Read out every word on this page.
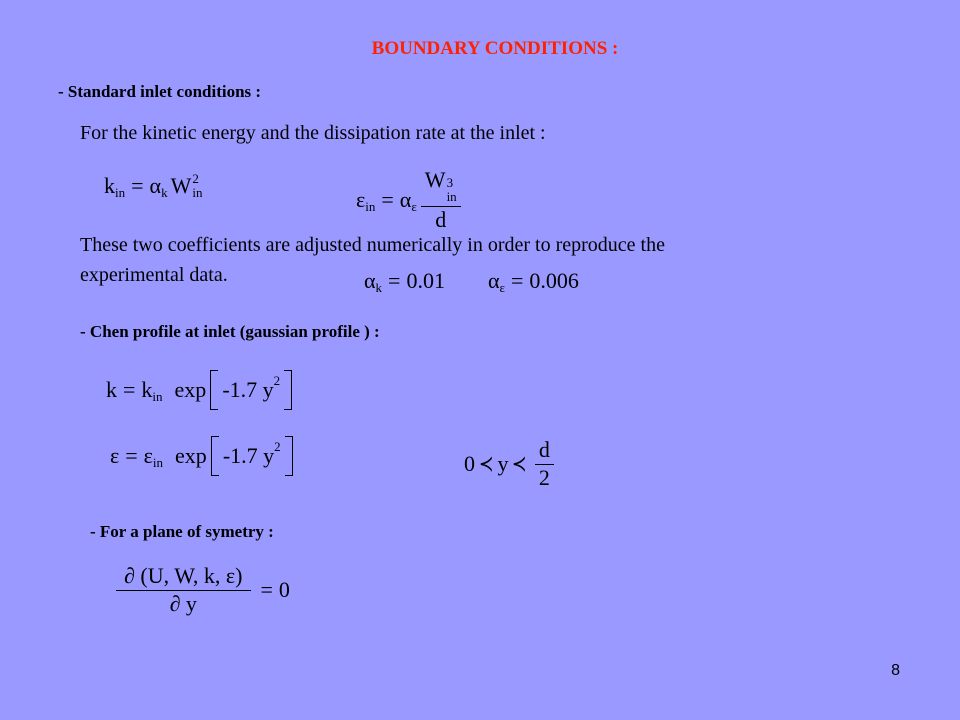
BOUNDARY CONDITIONS :
- Standard inlet conditions :
For the kinetic energy and the dissipation rate at the inlet :
k in = α k W 2
in	ε in = α ε W 3
in
d
These two coefficients are adjusted numerically in order to reproduce the
experimental data.	α k = 0.01 α ε = 0.006
- Chen profile at inlet (gaussian profile ) :
k = k in exp -1.7 y 2
ε = ε in exp -1.7 y 2
0 ≺ y ≺ $\frac{d}{2}$
- For a plane of symetry :
$\frac{\partial (U, W, k, \varepsilon)}{\partial y} = 0$
8
